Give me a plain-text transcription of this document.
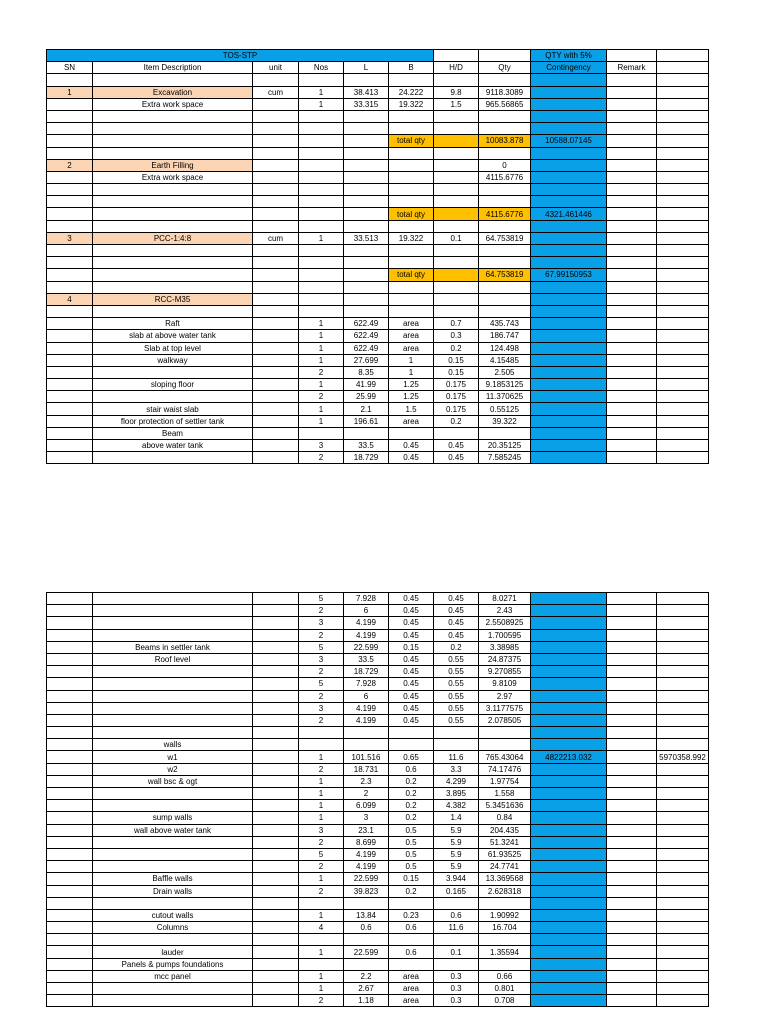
TOS-STP								QTY with 5%		
SN	Item Description	unit	Nos	L	B	H/D	Qty	Contingency	Remark	

1	Excavation	cum	1	38.413	24.222	9.8	9118.3089			
	Extra work space		1	33.315	19.322	1.5	965.56865			

					total qty		10083.878	10588.07145		

2	Earth Filling						0			
	Extra work space						4115.6776			

					total qty		4115.6776	4321.461446		

3	PCC-1:4:8	cum	1	33.513	19.322	0.1	64.753819			

					total qty		64.753819	67.99150953		

4	RCC-M35									

	Raft		1	622.49	area	0.7	435.743			
	slab at above water tank		1	622.49	area	0.3	186.747			
	Slab at top level		1	622.49	area	0.2	124.498			
	walkway		1	27.699	1	0.15	4.15485			
			2	8.35	1	0.15	2.505			
	sloping floor		1	41.99	1.25	0.175	9.1853125			
			2	25.99	1.25	0.175	11.370625			
	stair waist slab		1	2.1	1.5	0.175	0.55125			
	floor protection of settler tank		1	196.61	area	0.2	39.322			
	Beam									
	above water tank		3	33.5	0.45	0.45	20.35125			
			2	18.729	0.45	0.45	7.585245			
			5	7.928	0.45	0.45	8.0271			
			2	6	0.45	0.45	2.43			
			3	4.199	0.45	0.45	2.5508925			
			2	4.199	0.45	0.45	1.700595			
	Beams in settler tank		5	22.599	0.15	0.2	3.38985			
	Roof level		3	33.5	0.45	0.55	24.87375			
			2	18.729	0.45	0.55	9.270855			
			5	7.928	0.45	0.55	9.8109			
			2	6	0.45	0.55	2.97			
			3	4.199	0.45	0.55	3.1177575			
			2	4.199	0.45	0.55	2.078505			

	walls									
	w1		1	101.516	0.65	11.6	765.43064	4822213.032		5970358.992
	w2		2	18.731	0.6	3.3	74.17476			
	wall bsc & ogt		1	2.3	0.2	4.299	1.97754			
			1	2	0.2	3.895	1.558			
			1	6.099	0.2	4.382	5.3451636			
	sump walls		1	3	0.2	1.4	0.84			
	wall above water tank		3	23.1	0.5	5.9	204.435			
			2	8.699	0.5	5.9	51.3241			
			5	4.199	0.5	5.9	61.93525			
			2	4.199	0.5	5.9	24.7741			
	Baffle walls		1	22.599	0.15	3.944	13.369568			
	Drain walls		2	39.823	0.2	0.165	2.628318			

	cutout walls		1	13.84	0.23	0.6	1.90992			
	Columns		4	0.6	0.6	11.6	16.704			

	lauder		1	22.599	0.6	0.1	1.35594			
	Panels & pumps foundations									
	mcc panel		1	2.2	area	0.3	0.66			
			1	2.67	area	0.3	0.801			
			2	1.18	area	0.3	0.708			
